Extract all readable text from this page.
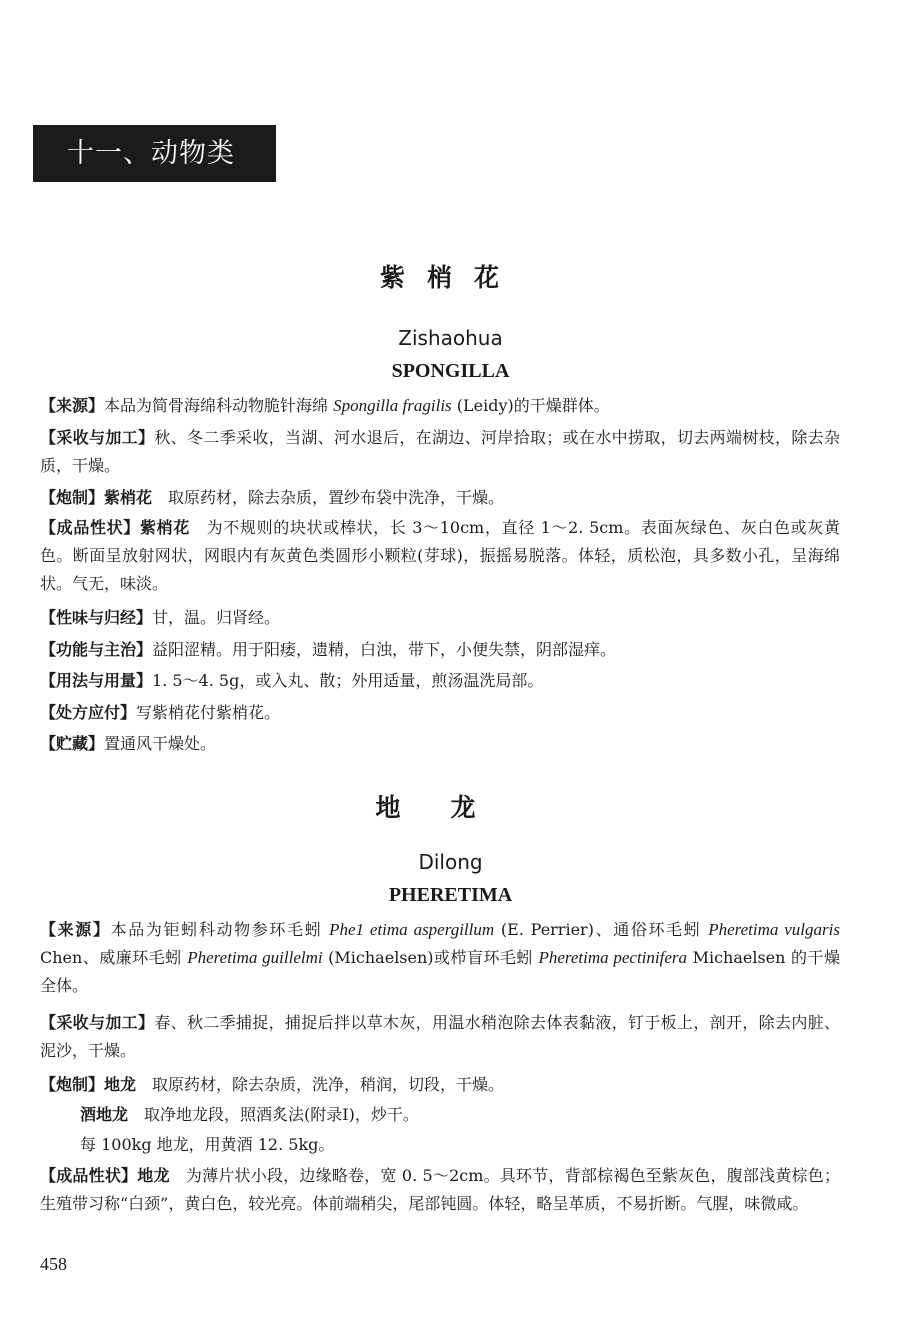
十一、动物类
紫梢花
Zishaohua
SPONGILLA

【来源】本品为简骨海绵科动物脆针海绵 Spongilla fragilis (Leidy)的干燥群体。

【采收与加工】秋、冬二季采收，当湖、河水退后，在湖边、河岸拾取；或在水中捞取，切去两端树枝，除去杂质，干燥。

【炮制】紫梢花　取原药材，除去杂质，置纱布袋中洗净，干燥。

【成品性状】紫梢花　为不规则的块状或棒状，长 3～10cm，直径 1～2. 5cm。表面灰绿色、灰白色或灰黄色。断面呈放射网状，网眼内有灰黄色类圆形小颗粒(芽球)，振摇易脱落。体轻，质松泡，具多数小孔，呈海绵状。气无，味淡。

【性味与归经】甘，温。归肾经。

【功能与主治】益阳涩精。用于阳痿，遗精，白浊，带下，小便失禁，阴部湿痒。

【用法与用量】1. 5～4. 5g，或入丸、散；外用适量，煎汤温洗局部。

【处方应付】写紫梢花付紫梢花。

【贮藏】置通风干燥处。

地龙
Dilong
PHERETIMA

【来源】本品为钜蚓科动物参环毛蚓 Phe1 etima aspergillum (E. Perrier)、通俗环毛蚓 Pheretima vulgaris Chen、威廉环毛蚓 Pheretima guillelmi (Michaelsen)或栉盲环毛蚓 Pheretima pectinifera Michaelsen 的干燥全体。

【采收与加工】春、秋二季捕捉，捕捉后拌以草木灰，用温水稍泡除去体表黏液，钉于板上，剖开，除去内脏、泥沙，干燥。

【炮制】地龙　取原药材，除去杂质，洗净，稍润，切段，干燥。

酒地龙　取净地龙段，照酒炙法(附录Ⅰ)，炒干。

每 100kg 地龙，用黄酒 12. 5kg。

【成品性状】地龙　为薄片状小段，边缘略卷，宽 0. 5～2cm。具环节，背部棕褐色至紫灰色，腹部浅黄棕色；生殖带习称“白颈”，黄白色，较光亮。体前端稍尖，尾部钝圆。体轻，略呈革质，不易折断。气腥，味微咸。

458
